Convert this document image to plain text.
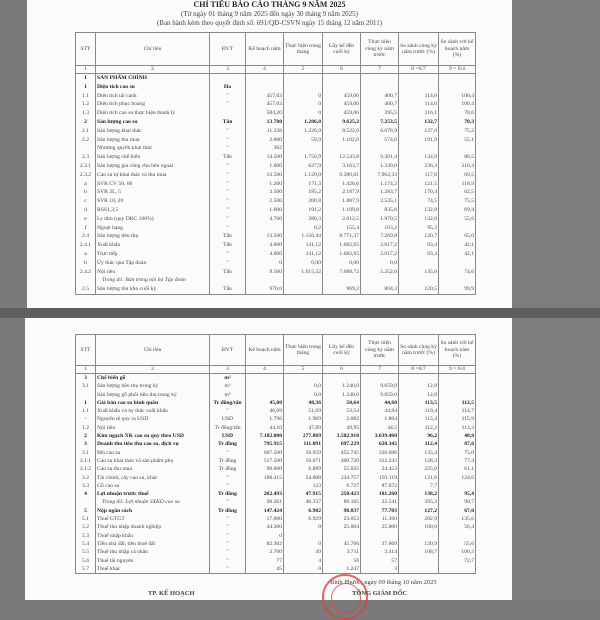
CHỈ TIÊU BÁO CÁO THÁNG 9 NĂM 2025
(Từ ngày 01 tháng 9 năm 2025 đến ngày 30 tháng 9 năm 2025)
(Ban hành kèm theo quyết định số: 691/QĐ-CSVN ngày 15 tháng 12 năm 2011)
STT	Chỉ tiêu	ĐVT	Kế hoạch năm	Thực hiện trong tháng	Lũy kế đến cuối kỳ	Thực hiện cùng kỳ năm trước	So sánh cùng kỳ năm trước (%)	So sánh với kế hoạch năm (%)
1	2	3	4	5	6	7	8 =6/7	9 = 6/4
I	SẢN PHẨM CHÍNH							
1	Diện tích cao su	Ha						
1.1	Diện tích tái canh	"	457,03	0	459,06	400,7	114,6	100,4
1.2	Diện tích phục hoang	"	457,03	0	459,06	400,7	114,6	100,4
1.3	Diện tích cao su thực hiện thanh lý		584,20	0	459,06	395,5	116,1	78,6
2	Sản lượng cao su	Tấn	13.700	1.286,8	9.625,2	7.253,5	132,7	70,3
2.1	Sản lượng khai thác	"	11.338	1.226,9	8.522,6	6.678,9	127,6	75,2
2.2	Sản lượng thu mua	"	2.000	59,9	1.102,6	574,6	191,9	55,1
	Nhượng quyền khai thác	"	362					
2.3	Sản lượng chế biến	Tấn	14.500	1.756,9	12.543,8	9.301,4	134,9	86,5
2.3.1	Sản lượng gia công cho bên ngoài	"	1.000	627,9	3.163,7	1.339,0	236,3	316,4
2.3.2	Cao su tự khai thác và thu mua	"	13.500	1.129,0	9.380,01	7.962,33	117,8	69,5
a	SVR CV 50, 60	"	1.200	171,3	1.426,6	1.174,2	121,5	118,9
b	SVR 3L, 5	"	3.500	185,2	2.187,9	1.283,7	170,4	62,5
c	SVR 10, 20	"	2.500	200,8	1.887,9	2.535,1	74,5	75,5
d	RSS1,3,5	"	1.600	191,2	1.109,8	835,6	132,8	69,4
e	Ly tâm (quy DRC 100%)	"	4.700	380,3	2.612,5	1.970,5	132,6	55,6
f	Ngoại hạng	"		0,2	155,4	163,2	95,3	
2.4	Sản lượng tiêu thụ	Tấn	13.500	1.156,44	8.771,37	7.269,8	120,7	65,0
2.4.1	Xuất khẩu	Tấn	4.000	141,12	1.682,65	2.017,2	83,4	42,1
a	Trực tiếp	"	4.000	141,12	1.682,65	2.017,2	83,4	42,1
b	Ủy thác qua Tập đoàn	"	0	0,00	0,00	0,0		
2.4.2	Nội tiêu	Tấn	9.500	1.015,32	7.088,72	5.252,6	135,0	74,6
	Trong đó: Bán trong nội bộ Tập đoàn							
2.5	Sản lượng tồn kho cuối kỳ	Tấn	970,0		969,2	804,3	120,5	99,9
STT	Chỉ tiêu	ĐVT	Kế hoạch năm	Thực hiện trong tháng	Lũy kế đến cuối kỳ	Thực hiện cùng kỳ năm trước	So sánh cùng kỳ năm trước (%)	So sánh với kế hoạch năm (%)
1	2	3	4	5	6	7	8 =6/7	9 = 6/4
3	Chế biến gỗ	m³						
3.1	Sản lượng tiêu thụ trong kỳ	m³		0,0	1.240,0	9.659,0	12,8	
	Sản lượng gỗ phôi tiêu thụ trong kỳ	m³		0,0	1.240,0	9.659,0	12,8	
1	Giá bán cao su bình quân	Tr đồng/tấn	45,00	48,36	50,64	44,60	113,5	112,5
1.1	Xuất khẩu và ủy thác xuất khẩu	"	46,69	51,69	53,54	44,84	119,4	114,7
-	Nguyên tệ quy ra USD	USD	1.796	1.969	2.082	1.804	115,4	115,9
1.2	Nội tiêu	Tr đồng/tấn	44,10	47,89	49,95	44,5	112,2	113,3
2	Kim ngạch XK cao su quy theo USD	USD	7.182.000	277.869	3.502.910	3.639.460	96,2	48,8
3	Doanh thu tiêu thụ cao su, dịch vụ	Tr đồng	795.915	111.091	697.229	620.342	112,4	87,6
3.1	Mủ cao su	"	607.500	56.959	455.745	336.696	135,4	75,0
3.1.1	Cao su khai thác và sản phẩm phụ	Tr đồng	517.500	50.071	400.720	312.243	128,3	77,4
3.1.2	Cao su thu mua	Tr đồng	90.000	6.889	55.025	24.453	225,0	61,1
3.2	Tài chính, cây cao su, khác	"	188.415	54.008	234.757	193.119	121,6	124,6
3.3	Gỗ cao su	"		123	6.727	87.072	7,7	
4	Lợi nhuận trước thuế	Tr đồng	262.493	47.915	250.423	181.260	138,2	95,4
	Trong đó: Lợi nhuận SXKD cao su	"	98.261	46.337	89.105	22.541	395,3	90,7
5	Nộp ngân sách	Tr đồng	147.424	6.982	98.837	77.703	127,2	67,0
5.1	Thuế GTGT	"	17.000	6.929	23.053	11.360	202,9	135,6
5.2	Thuế thu nhập doanh nghiệp	"	44.300	0	25.004	25.000	100,0	56,4
5.3	Thuế nhập khẩu	"	0					
5.4	Tiền nhà đất, tiền thuê đất	"	82.302	0	45.766	37.869	120,9	55,6
5.5	Thuế thu nhập cá nhân	"	3.700	49	3.711	3.414	108,7	100,3
5.6	Thuế tài nguyên	"	77	4	56	57		72,7
5.7	Thuế khác	"	45	0	1.247	3		
Bình Phước, ngày 09 tháng 10 năm 2025
TP. KẾ HOẠCH	TỔNG GIÁM ĐỐC
